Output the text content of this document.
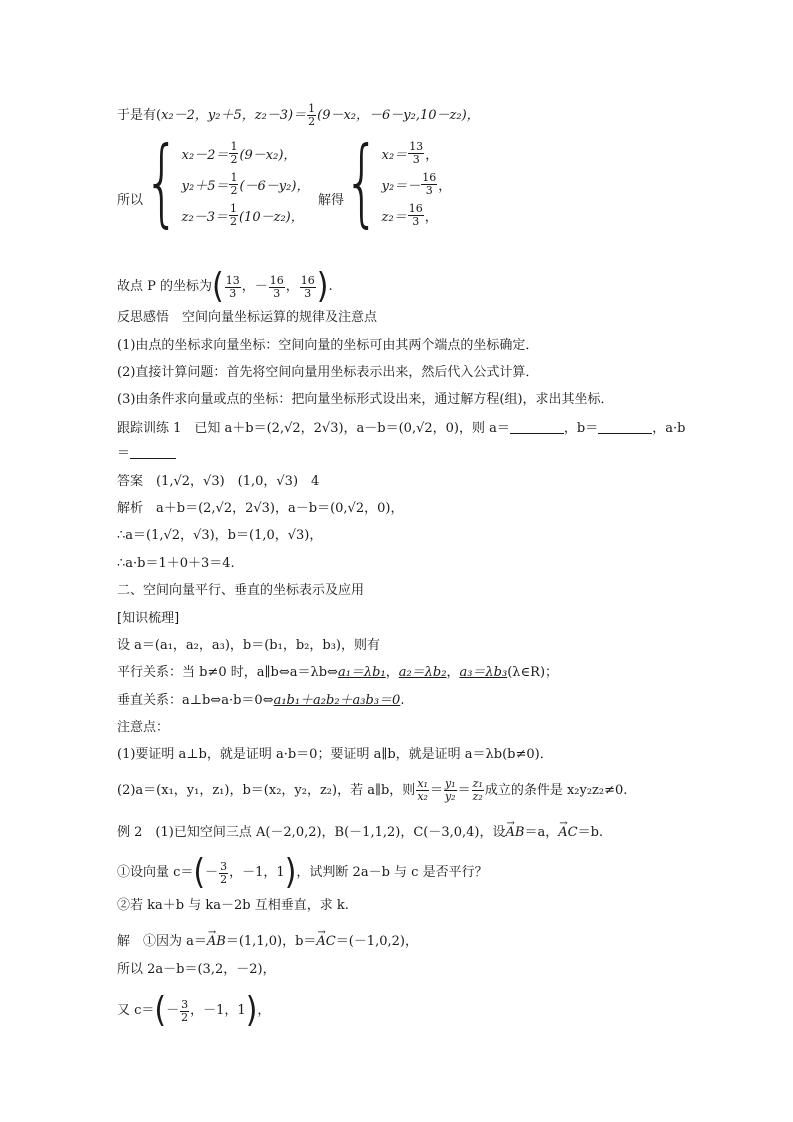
于是有(x₂－2，y₂＋5，$z_2-3)= \frac{1}{2} (9-x_2$，－6－y₂,10－z₂)，
所以 { $x_2-2= \frac{1}{2} (9-x_2)$，
$y_2+5= \frac{1}{2} (-6-y_2)$，
$z_2-3= \frac{1}{2} (10-z_2)$，
解得 { $x_2= \frac{13}{3}$ ，
$y_2=- \frac{16}{3}$ ，
$z_2= \frac{16}{3}$ ，
故点 P 的坐标为 ( $\frac{13}{3}$ ，－ $\frac{16}{3}$ ， $\frac{16}{3}$ ) .
反思感悟　空间向量坐标运算的规律及注意点
(1)由点的坐标求向量坐标：空间向量的坐标可由其两个端点的坐标确定．
(2)直接计算问题：首先将空间向量用坐标表示出来，然后代入公式计算．
(3)由条件求向量或点的坐标：把向量坐标形式设出来，通过解方程(组)，求出其坐标．
跟踪训练 1　已知 a＋b＝(2,√2，2√3)，a－b＝(0,√2，0)，则 a＝	，b＝	，a·b
＝
答案　(1,√2，√3)　(1,0，√3)　4
解析　a＋b＝(2,√2，2√3)，a－b＝(0,√2，0)，
∴a＝(1,√2，√3)，b＝(1,0，√3)，
∴a·b＝1＋0＋3＝4.
二、空间向量平行、垂直的坐标表示及应用
[知识梳理]
设 a＝(a₁，a₂，a₃)，b＝(b₁，b₂，b₃)，则有
平行关系：当 b≠0 时，a∥b⇔a＝λb⇔a₁＝λb₁，a₂＝λb₂，a₃＝λb₃(λ∈R)；
垂直关系：a⊥b⇔a·b＝0⇔a₁b₁＋a₂b₂＋a₃b₃＝0.
注意点：
(1)要证明 a⊥b，就是证明 a·b＝0；要证明 a∥b，就是证明 a＝λb(b≠0)．
(2)a＝(x₁，y₁，z₁)，b＝(x₂，y₂，z₂)，若 a∥b，则 $\frac{\text{x₁}}{\text{x₂}} = \frac{\text{y₁}}{\text{y₂}} = \frac{\text{z₁}}{\text{z₂}}$ 成立的条件是 x₂y₂z₂≠0.
例 2　(1)已知空间三点 A(－2,0,2)，B(－1,1,2)，C(－3,0,4)，设→ AB＝a，→ AC＝b.
①设向量 c＝ ( － $\frac{3}{2}$ ，－1，1 ) ，试判断 2a－b 与 c 是否平行？
②若 ka＋b 与 ka－2b 互相垂直，求 k.
解　①因为 a＝→ AB＝(1,1,0)，b＝→ AC＝(－1,0,2)，
所以 2a－b＝(3,2，－2)，
又 c＝ ( － $\frac{3}{2}$ ，－1，1 ) ，
